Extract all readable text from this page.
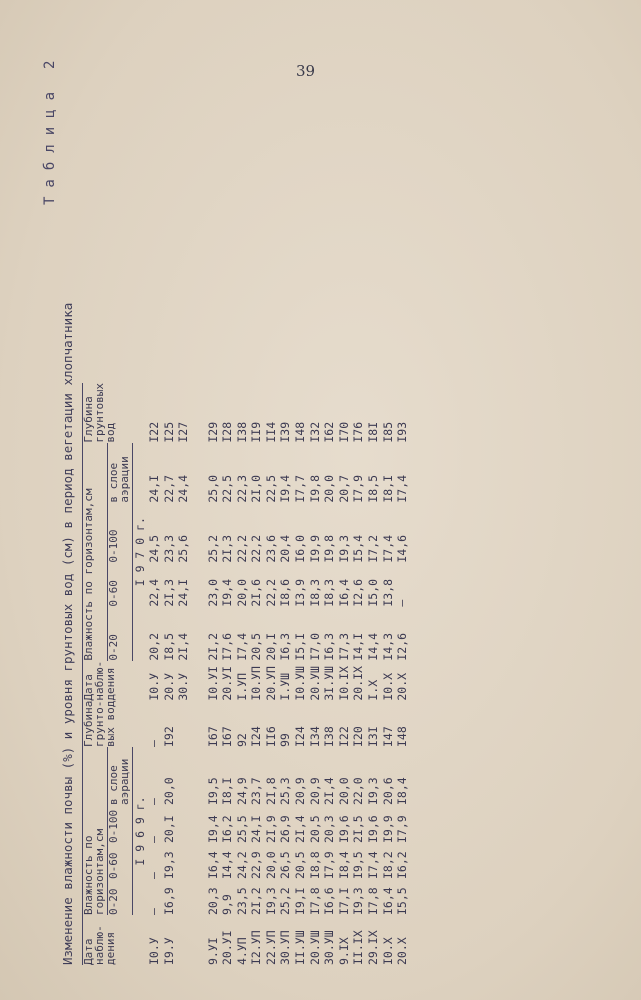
39
Таблица2
Изменение влажности почвы (%) и уровня грунтовых вод (см) в период вегетации хлопчатника Дата наблю- дения	Влажность по горизонтам,см				Глубина грунто- вых вод	Дата наблю- дения	Влажность по горизонтам,см				Глубина грунтовых вод
	0-20	0-60	0-100	в слое аэрации			0-20	0-60	0-100	в слое аэрации	
	I 9 6 9 г.						I 9 7 0 г.				
I0.У	–	–	–	–	–	I0.У	20,2	22,4	24,5	24,I	I22
I9.У	I6,9	I9,3	20,I	20,0	I92	20.У	I8,5	2I,3	23,3	22,7	I25
						30.У	2I,4	24,I	25,6	24,4	I27

9.УI	20,3	I6,4	I9,4	I9,5	I67	I0.УI	2I,2	23,0	25,2	25,0	I29
20.УI	9,9	I4,4	I6,2	I8,I	I67	20.УI	I7,6	I9,4	2I,3	22,5	I28
4.УП	23,5	24,2	25,5	24,9	92	I.УП	I7,4	20,0	22,2	22,3	I38
I2.УП	2I,2	22,9	24,I	23,7	I24	I0.УП	20,5	2I,6	22,2	2I,0	II9
22.УП	I9,3	20,0	2I,9	2I,8	II6	20.УП	20,I	22,2	23,6	22,5	II4
30.УП	25,2	26,5	26,9	25,3	99	I.УШ	I6,3	I8,6	20,4	I9,4	I39
II.УШ	I9,I	20,5	2I,4	20,9	I24	I0.УШ	I5,I	I3,9	I6,0	I7,7	I48
20.УШ	I7,8	I8,8	20,5	20,9	I34	20.УШ	I7,0	I8,3	I9,9	I9,8	I32
30.УШ	I6,6	I7,9	20,3	2I,4	I38	3I.УШ	I6,3	I8,3	I9,8	20,0	I62
9.IX	I7,I	I8,4	I9,6	20,0	I22	I0.IX	I7,3	I6,4	I9,3	20,7	I70
II.IX	I9,3	I9,5	2I,5	22,0	I20	20.IX	I4,I	I2,6	I5,4	I7,9	I76
29.IX	I7,8	I7,4	I9,6	I9,3	I3I	I.X	I4,4	I5,0	I7,2	I8,5	I8I
I0.X	I6,4	I8,2	I9,9	20,6	I47	I0.X	I4,3	I3,8	I7,4	I8,I	I85
20.X	I5,5	I6,2	I7,9	I8,4	I48	20.X	I2,6	–	I4,6	I7,4	I93
